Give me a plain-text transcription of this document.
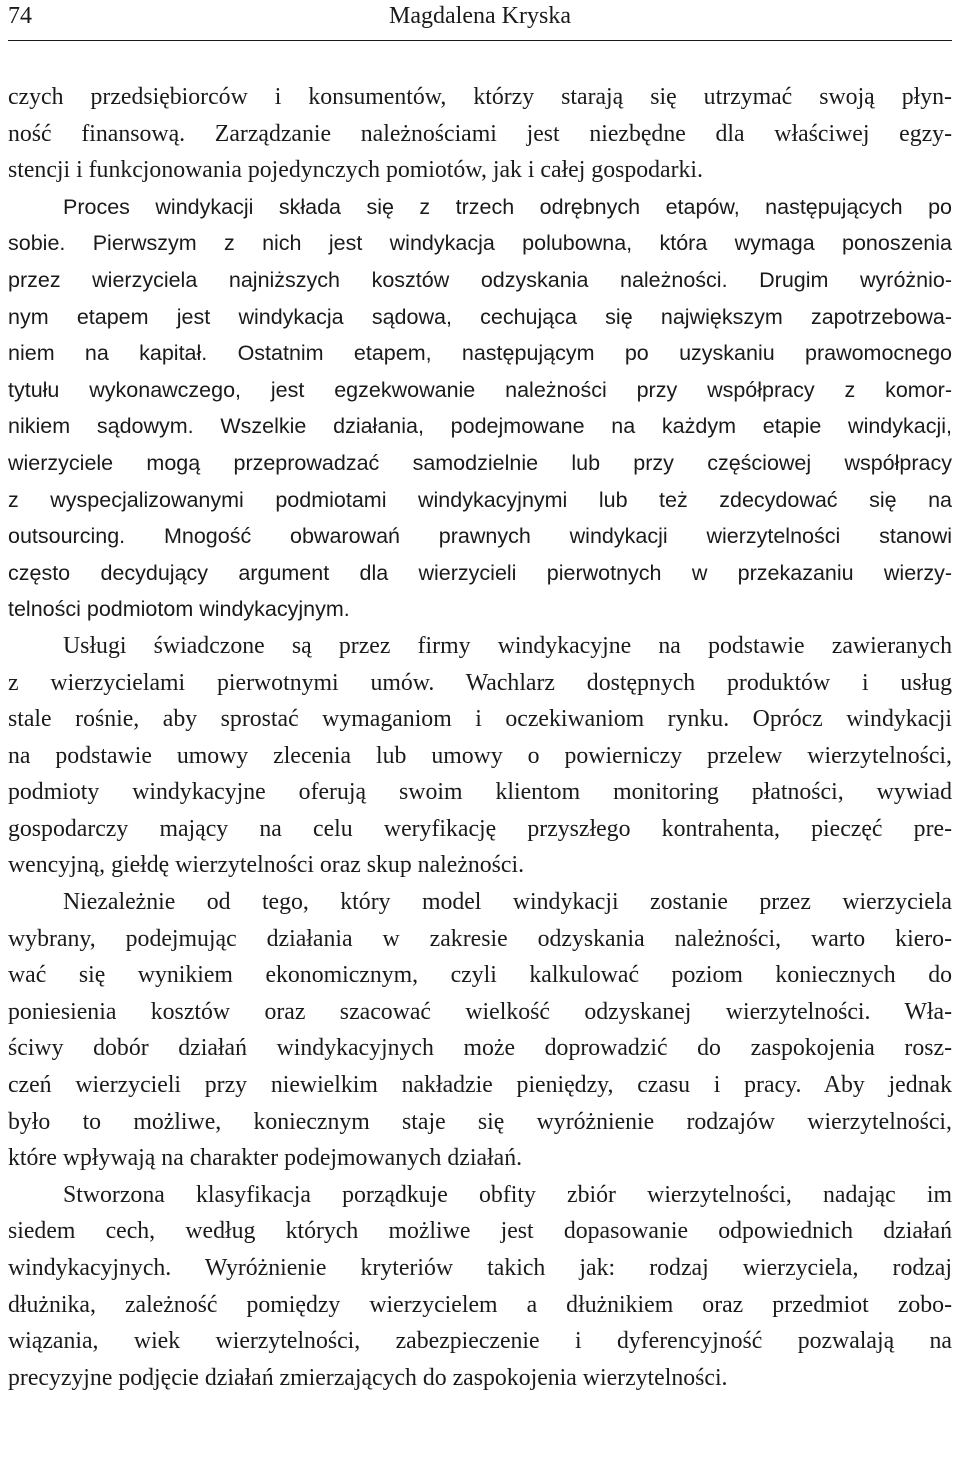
74	Magdalena Kryska
czych przedsiębiorców i konsumentów, którzy starają się utrzymać swoją płyn-
ność finansową. Zarządzanie należnościami jest niezbędne dla właściwej egzy-
stencji i funkcjonowania pojedynczych pomiotów, jak i całej gospodarki.
Proces windykacji składa się z trzech odrębnych etapów, następujących po
sobie. Pierwszym z nich jest windykacja polubowna, która wymaga ponoszenia
przez wierzyciela najniższych kosztów odzyskania należności. Drugim wyróżnio-
nym etapem jest windykacja sądowa, cechująca się największym zapotrzebowa-
niem na kapitał. Ostatnim etapem, następującym po uzyskaniu prawomocnego
tytułu wykonawczego, jest egzekwowanie należności przy współpracy z komor-
nikiem sądowym. Wszelkie działania, podejmowane na każdym etapie windykacji,
wierzyciele mogą przeprowadzać samodzielnie lub przy częściowej współpracy
z wyspecjalizowanymi podmiotami windykacyjnymi lub też zdecydować się na
outsourcing. Mnogość obwarowań prawnych windykacji wierzytelności stanowi
często decydujący argument dla wierzycieli pierwotnych w przekazaniu wierzy-
telności podmiotom windykacyjnym.
Usługi świadczone są przez firmy windykacyjne na podstawie zawieranych
z wierzycielami pierwotnymi umów. Wachlarz dostępnych produktów i usług
stale rośnie, aby sprostać wymaganiom i oczekiwaniom rynku. Oprócz windykacji
na podstawie umowy zlecenia lub umowy o powierniczy przelew wierzytelności,
podmioty windykacyjne oferują swoim klientom monitoring płatności, wywiad
gospodarczy mający na celu weryfikację przyszłego kontrahenta, pieczęć pre-
wencyjną, giełdę wierzytelności oraz skup należności.
Niezależnie od tego, który model windykacji zostanie przez wierzyciela
wybrany, podejmując działania w zakresie odzyskania należności, warto kiero-
wać się wynikiem ekonomicznym, czyli kalkulować poziom koniecznych do
poniesienia kosztów oraz szacować wielkość odzyskanej wierzytelności. Wła-
ściwy dobór działań windykacyjnych może doprowadzić do zaspokojenia rosz-
czeń wierzycieli przy niewielkim nakładzie pieniędzy, czasu i pracy. Aby jednak
było to możliwe, koniecznym staje się wyróżnienie rodzajów wierzytelności,
które wpływają na charakter podejmowanych działań.
Stworzona klasyfikacja porządkuje obfity zbiór wierzytelności, nadając im
siedem cech, według których możliwe jest dopasowanie odpowiednich działań
windykacyjnych. Wyróżnienie kryteriów takich jak: rodzaj wierzyciela, rodzaj
dłużnika, zależność pomiędzy wierzycielem a dłużnikiem oraz przedmiot zobo-
wiązania, wiek wierzytelności, zabezpieczenie i dyferencyjność pozwalają na
precyzyjne podjęcie działań zmierzających do zaspokojenia wierzytelności.
